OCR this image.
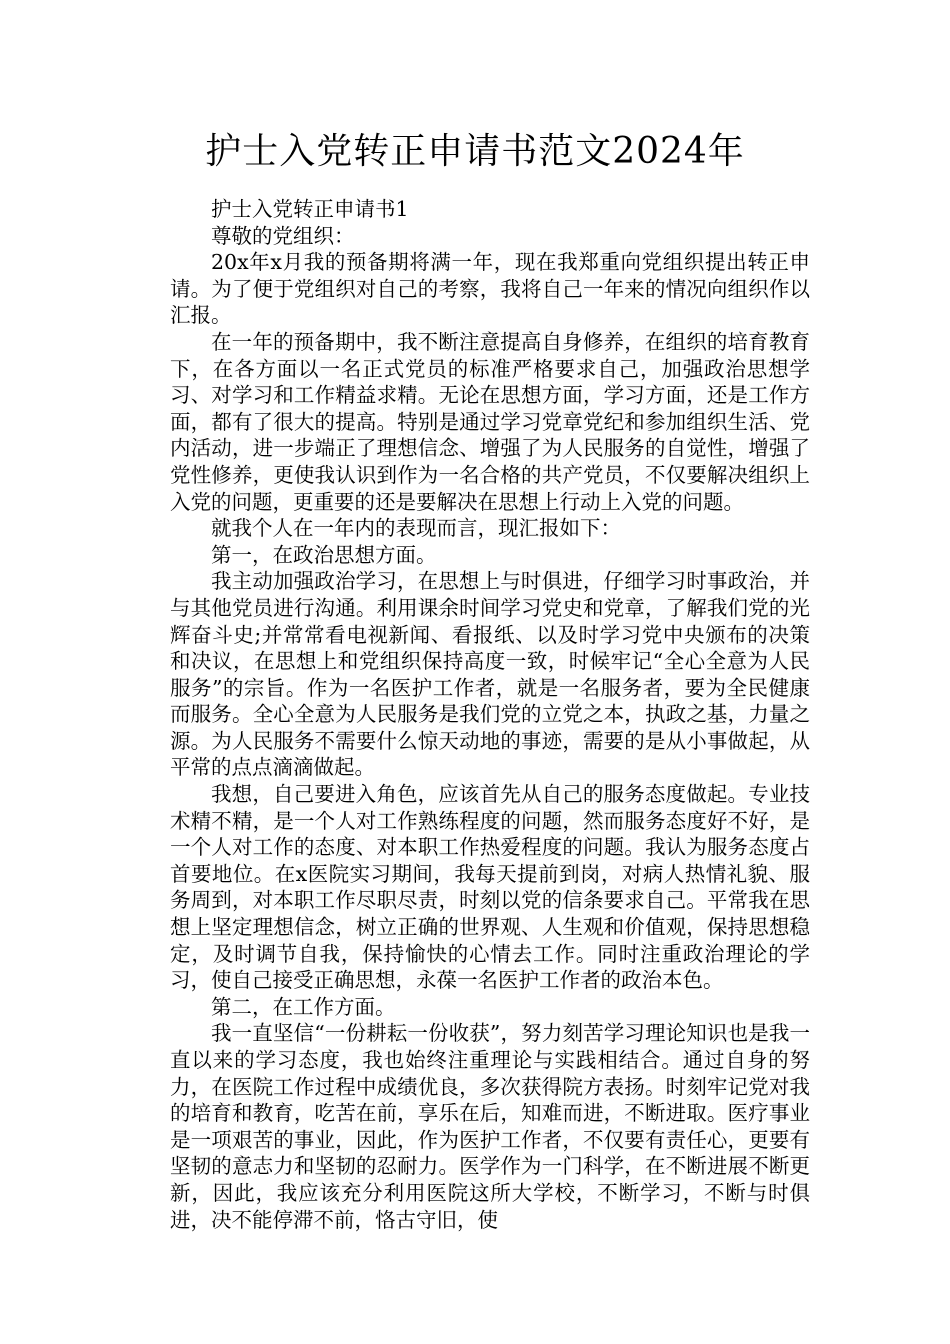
护士入党转正申请书范文2024年

护士入党转正申请书1

尊敬的党组织：

20x年x月我的预备期将满一年，现在我郑重向党组织提出转正申请。为了便于党组织对自己的考察，我将自己一年来的情况向组织作以汇报。

在一年的预备期中，我不断注意提高自身修养，在组织的培育教育下，在各方面以一名正式党员的标准严格要求自己，加强政治思想学习、对学习和工作精益求精。无论在思想方面，学习方面，还是工作方面，都有了很大的提高。特别是通过学习党章党纪和参加组织生活、党内活动，进一步端正了理想信念、增强了为人民服务的自觉性，增强了党性修养，更使我认识到作为一名合格的共产党员，不仅要解决组织上入党的问题，更重要的还是要解决在思想上行动上入党的问题。

就我个人在一年内的表现而言，现汇报如下：

第一，在政治思想方面。

我主动加强政治学习，在思想上与时俱进，仔细学习时事政治，并与其他党员进行沟通。利用课余时间学习党史和党章，了解我们党的光辉奋斗史;并常常看电视新闻、看报纸、以及时学习党中央颁布的决策和决议，在思想上和党组织保持高度一致，时候牢记“全心全意为人民服务”的宗旨。作为一名医护工作者，就是一名服务者，要为全民健康而服务。全心全意为人民服务是我们党的立党之本，执政之基，力量之源。为人民服务不需要什么惊天动地的事迹，需要的是从小事做起，从平常的点点滴滴做起。

我想，自己要进入角色，应该首先从自己的服务态度做起。专业技术精不精，是一个人对工作熟练程度的问题，然而服务态度好不好，是一个人对工作的态度、对本职工作热爱程度的问题。我认为服务态度占首要地位。在x医院实习期间，我每天提前到岗，对病人热情礼貌、服务周到，对本职工作尽职尽责，时刻以党的信条要求自己。平常我在思想上坚定理想信念，树立正确的世界观、人生观和价值观，保持思想稳定，及时调节自我，保持愉快的心情去工作。同时注重政治理论的学习，使自己接受正确思想，永葆一名医护工作者的政治本色。

第二，在工作方面。

我一直坚信“一份耕耘一份收获”，努力刻苦学习理论知识也是我一直以来的学习态度，我也始终注重理论与实践相结合。通过自身的努力，在医院工作过程中成绩优良，多次获得院方表扬。时刻牢记党对我的培育和教育，吃苦在前，享乐在后，知难而进，不断进取。医疗事业是一项艰苦的事业，因此，作为医护工作者，不仅要有责任心，更要有坚韧的意志力和坚韧的忍耐力。医学作为一门科学，在不断进展不断更新，因此，我应该充分利用医院这所大学校，不断学习，不断与时俱进，决不能停滞不前，恪古守旧，使
